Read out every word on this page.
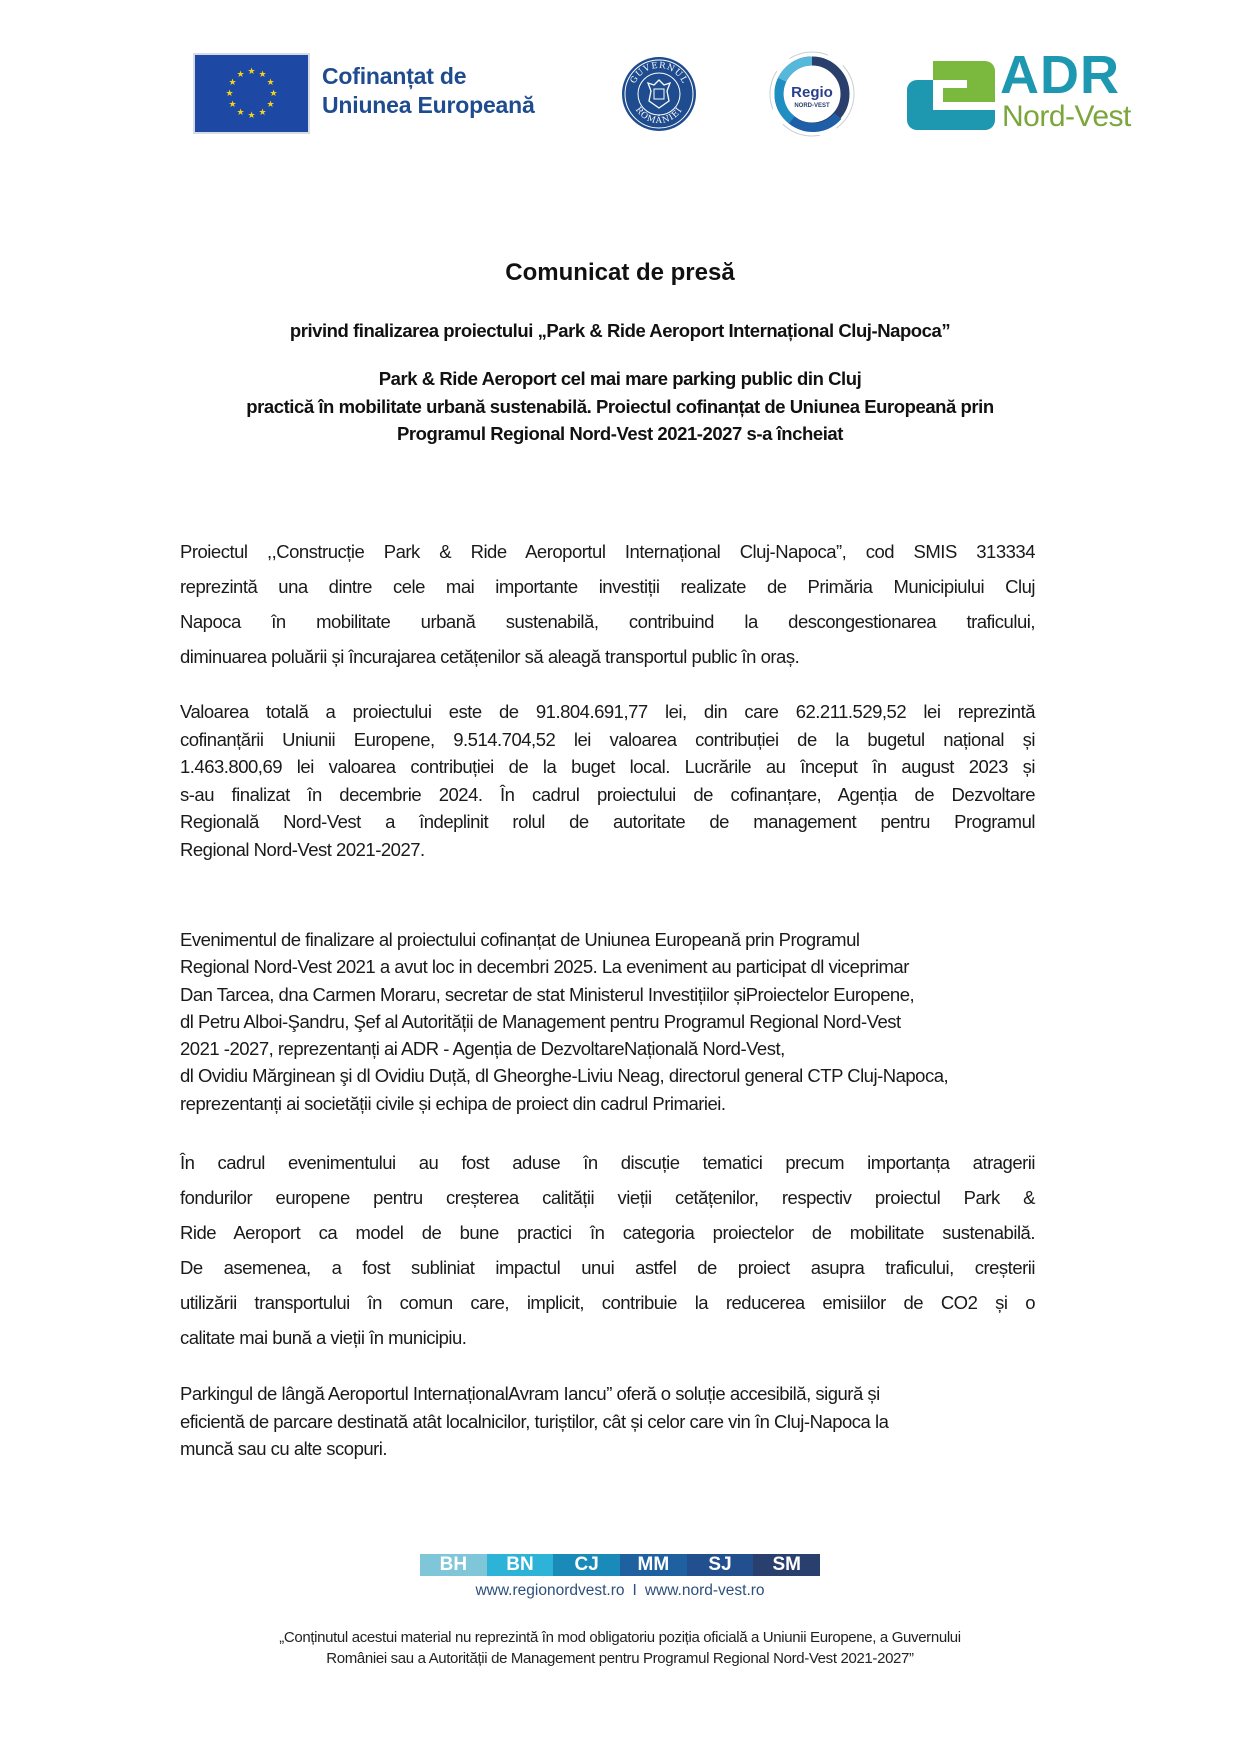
★ ★
★
★
★
★
★
★
★
★
★
★	Cofinanțat de
Uniunea Europeană
GUVERNUL
ROMÂNIEI
Regio
NORD-VEST
ADR
Nord-Vest
Comunicat de presă
privind finalizarea proiectului „Park & Ride Aeroport Internațional Cluj-Napoca”
Park & Ride Aeroport cel mai mare parking public din Cluj
practică în mobilitate urbană sustenabilă. Proiectul cofinanțat de Uniunea Europeană prin
Programul Regional Nord-Vest 2021-2027 s-a încheiat
Proiectul ,,Construcție Park & Ride Aeroportul Internațional Cluj-Napoca”, cod SMIS 313334
reprezintă una dintre cele mai importante investiții realizate de Primăria Municipiului Cluj
Napoca în mobilitate urbană sustenabilă, contribuind la descongestionarea traficului,
diminuarea poluării și încurajarea cetățenilor să aleagă transportul public în oraș.
Valoarea totală a proiectului este de 91.804.691,77 lei, din care 62.211.529,52 lei reprezintă
cofinanțării Uniunii Europene, 9.514.704,52 lei valoarea contribuției de la bugetul național și
1.463.800,69 lei valoarea contribuției de la buget local. Lucrările au început în august 2023 și
s-au finalizat în decembrie 2024. În cadrul proiectului de cofinanțare, Agenția de Dezvoltare
Regională Nord-Vest a îndeplinit rolul de autoritate de management pentru Programul
Regional Nord-Vest 2021-2027.
Evenimentul de finalizare al proiectului cofinanțat de Uniunea Europeană prin Programul
Regional Nord-Vest 2021 a avut loc in decembri 2025. La eveniment au participat dl viceprimar
Dan Tarcea, dna Carmen Moraru, secretar de stat Ministerul Investițiilor șiProiectelor Europene,
dl Petru Alboi-Şandru, Şef al Autorității de Management pentru Programul Regional Nord-Vest
2021 -2027, reprezentanți ai ADR - Agenția de DezvoltareNațională Nord-Vest,
dl Ovidiu Mărginean şi dl Ovidiu Duță, dl Gheorghe-Liviu Neag, directorul general CTP Cluj-Napoca,
reprezentanți ai societății civile și echipa de proiect din cadrul Primariei.
În cadrul evenimentului au fost aduse în discuție tematici precum importanța atragerii
fondurilor europene pentru creșterea calității vieții cetățenilor, respectiv proiectul Park &
Ride Aeroport ca model de bune practici în categoria proiectelor de mobilitate sustenabilă.
De asemenea, a fost subliniat impactul unui astfel de proiect asupra traficului, creșterii
utilizării transportului în comun care, implicit, contribuie la reducerea emisiilor de CO2 și o
calitate mai bună a vieții în municipiu.
Parkingul de lângă Aeroportul InternaționalAvram Iancu” oferă o soluție accesibilă, sigură și
eficientă de parcare destinată atât localnicilor, turiștilor, cât și celor care vin în Cluj-Napoca la
muncă sau cu alte scopuri.
BH	BN	CJ	MM	SJ	SM
www.regionordvest.ro I www.nord-vest.ro
„Conținutul acestui material nu reprezintă în mod obligatoriu poziția oficială a Uniunii Europene, a Guvernului
României sau a Autorității de Management pentru Programul Regional Nord-Vest 2021-2027”
